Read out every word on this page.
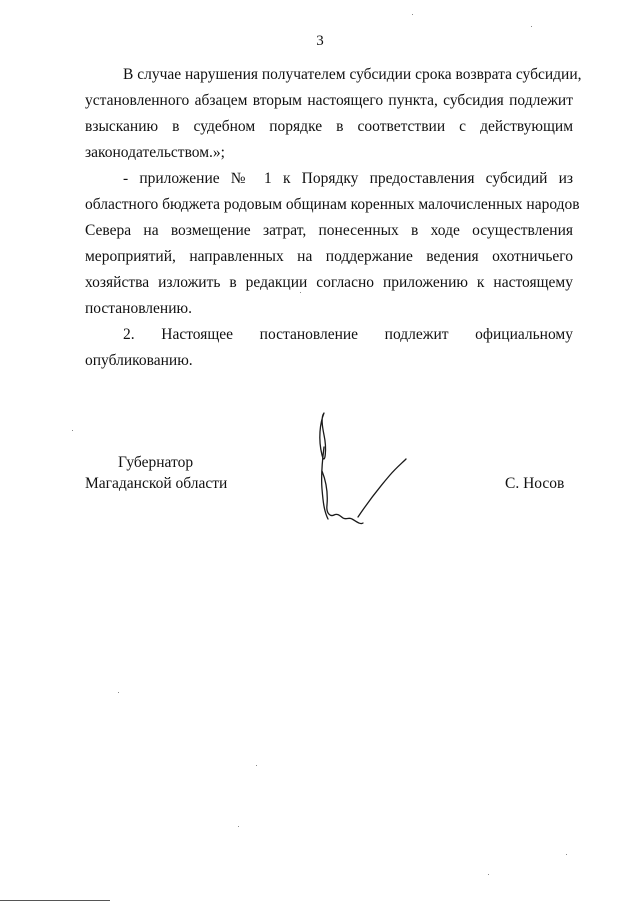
3
В случае нарушения получателем субсидии срока возврата субсидии,
установленного абзацем вторым настоящего пункта, субсидия подлежит
взысканию в судебном порядке в соответствии с действующим
законодательством.»;
- приложение № 1 к Порядку предоставления субсидий из
областного бюджета родовым общинам коренных малочисленных народов
Севера на возмещение затрат, понесенных в ходе осуществления
мероприятий, направленных на поддержание ведения охотничьего
хозяйства изложить в редакции согласно приложению к настоящему
постановлению.
2. Настоящее постановление подлежит официальному
опубликованию.
Губернатор
Магаданской области	С. Носов
